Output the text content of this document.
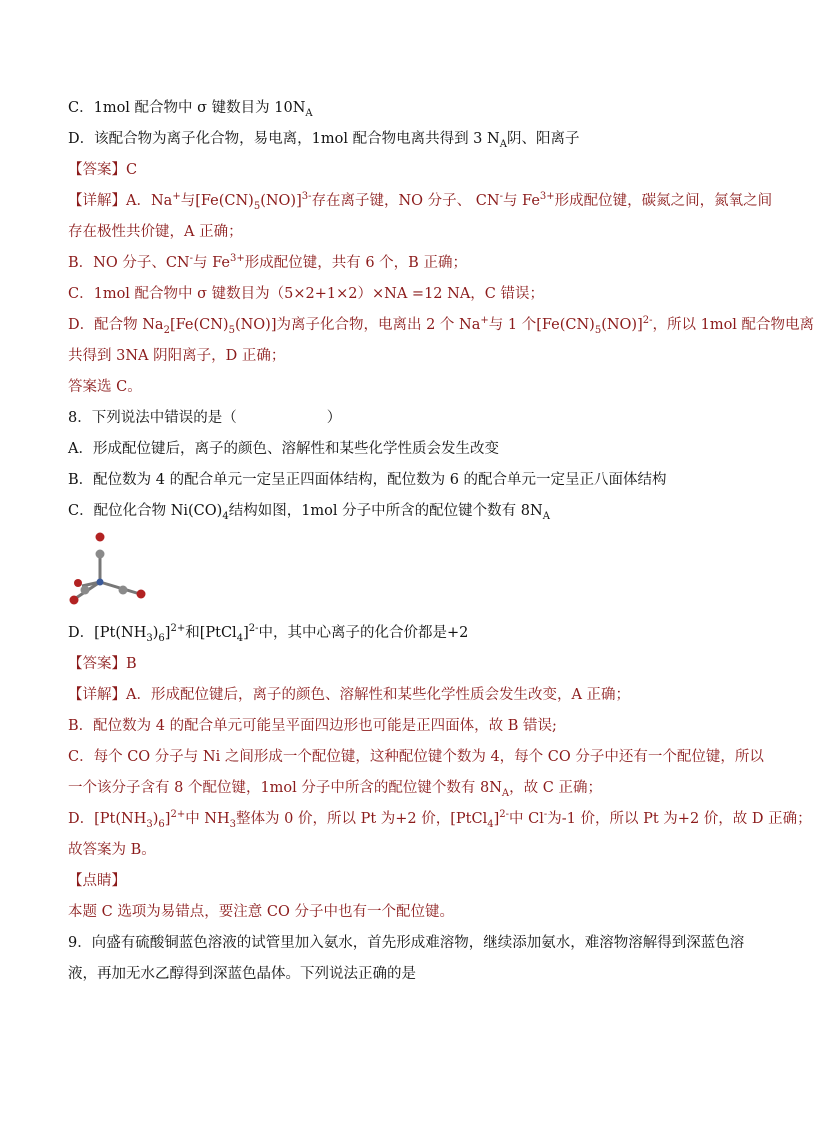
C．1mol 配合物中 σ 键数目为 $10N_A$
D．该配合物为离子化合物，易电离，1mol 配合物电离共得到 3 $N_A$阴、阳离子
【答案】C
【详解】A．Na+与$[Fe(CN)_5(NO)]^{3-}$存在离子键，NO 分子、 CN-与 $Fe^{3+}$形成配位键，碳氮之间，氮氧之间
存在极性共价键，A 正确；
B．NO 分子、CN-与 $Fe^{3+}$形成配位键，共有 6 个，B 正确；
C．1mol 配合物中 σ 键数目为（5×2+1×2）×NA =12 NA，C 错误；
D．配合物 $Na_2[Fe(CN)_5(NO)]$为离子化合物，电离出 2 个 Na+与 1 个$[Fe(CN)_5(NO)]^{2-}$，所以 1mol 配合物电离
共得到 3NA 阴阳离子，D 正确；
答案选 C。
8．下列说法中错误的是（	）
A．形成配位键后，离子的颜色、溶解性和某些化学性质会发生改变
B．配位数为 4 的配合单元一定呈正四面体结构，配位数为 6 的配合单元一定呈正八面体结构
C．配位化合物 $Ni(CO)_4$结构如图，1mol 分子中所含的配位键个数有 $8N_A$
D．$[Pt(NH_3)_6]^{2+}$和[PtCl$_4$]$^{2-}$中，其中心离子的化合价都是+2
【答案】B
【详解】A．形成配位键后，离子的颜色、溶解性和某些化学性质会发生改变，A 正确；
B．配位数为 4 的配合单元可能呈平面四边形也可能是正四面体，故 B 错误;
C．每个 CO 分子与 Ni 之间形成一个配位键，这种配位键个数为 4，每个 CO 分子中还有一个配位键，所以
一个该分子含有 8 个配位键，1mol 分子中所含的配位键个数有 $8N_A$，故 C 正确；
D．$[Pt(NH_3)_6]^{2+}$中 $NH_3$整体为 0 价，所以 Pt 为+2 价，[PtCl$_4$]$^{2-}$中 Cl-为-1 价，所以 Pt 为+2 价，故 D 正确；
故答案为 B。
【点睛】
本题 C 选项为易错点，要注意 CO 分子中也有一个配位键。
9．向盛有硫酸铜蓝色溶液的试管里加入氨水，首先形成难溶物，继续添加氨水，难溶物溶解得到深蓝色溶
液，再加无水乙醇得到深蓝色晶体。下列说法正确的是
